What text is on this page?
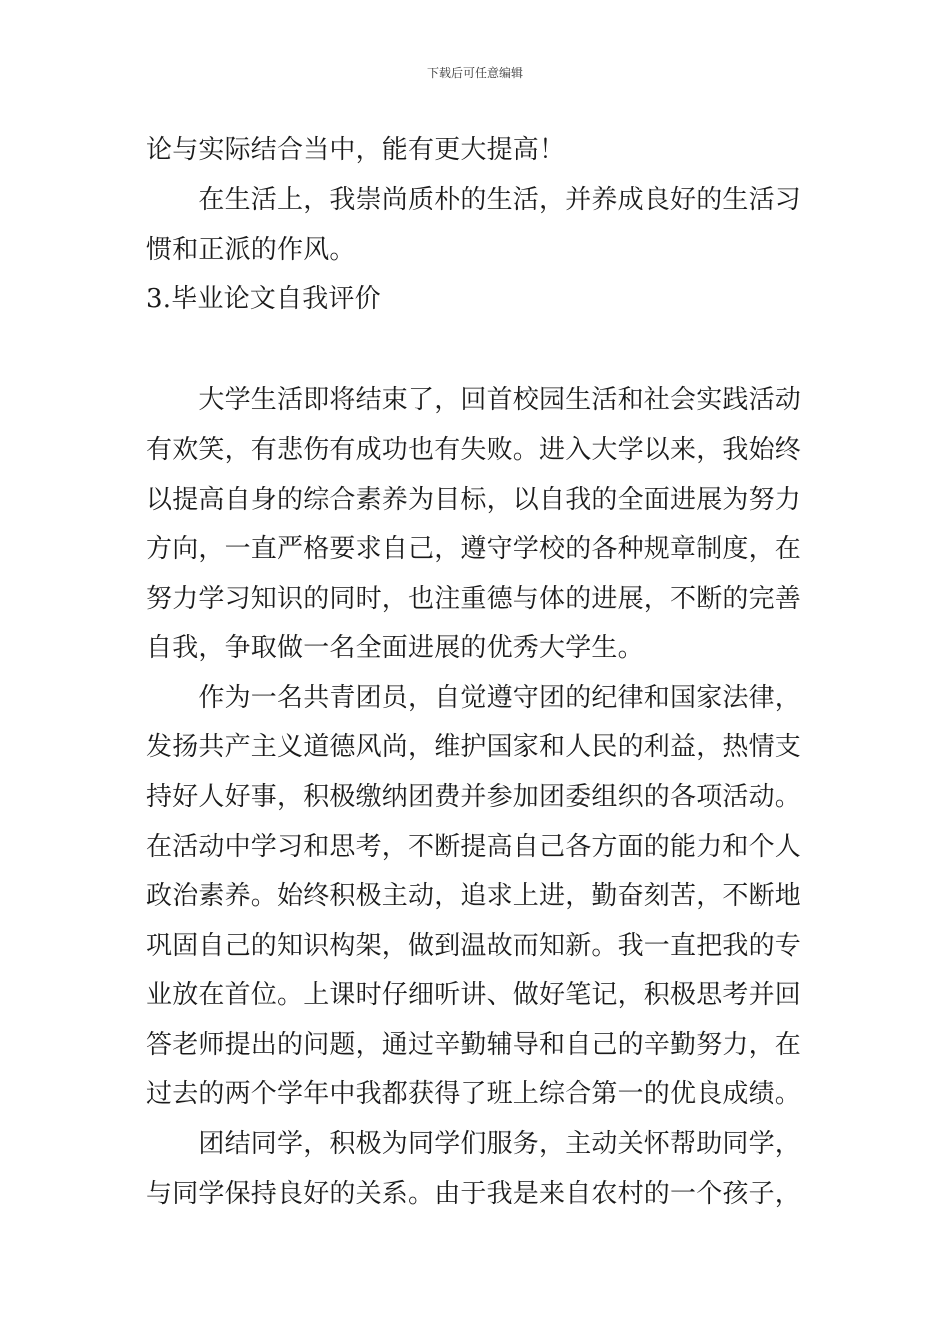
下载后可任意编辑
论与实际结合当中，能有更大提高！
　　在生活上，我崇尚质朴的生活，并养成良好的生活习
惯和正派的作风。
3.毕业论文自我评价
　　大学生活即将结束了，回首校园生活和社会实践活动
有欢笑，有悲伤有成功也有失败。进入大学以来，我始终
以提高自身的综合素养为目标，以自我的全面进展为努力
方向，一直严格要求自己，遵守学校的各种规章制度，在
努力学习知识的同时，也注重德与体的进展，不断的完善
自我，争取做一名全面进展的优秀大学生。
　　作为一名共青团员，自觉遵守团的纪律和国家法律，
发扬共产主义道德风尚，维护国家和人民的利益，热情支
持好人好事，积极缴纳团费并参加团委组织的各项活动。
在活动中学习和思考，不断提高自己各方面的能力和个人
政治素养。始终积极主动，追求上进，勤奋刻苦，不断地
巩固自己的知识构架，做到温故而知新。我一直把我的专
业放在首位。上课时仔细听讲、做好笔记，积极思考并回
答老师提出的问题，通过辛勤辅导和自己的辛勤努力，在
过去的两个学年中我都获得了班上综合第一的优良成绩。
　　团结同学，积极为同学们服务，主动关怀帮助同学，
与同学保持良好的关系。由于我是来自农村的一个孩子，
